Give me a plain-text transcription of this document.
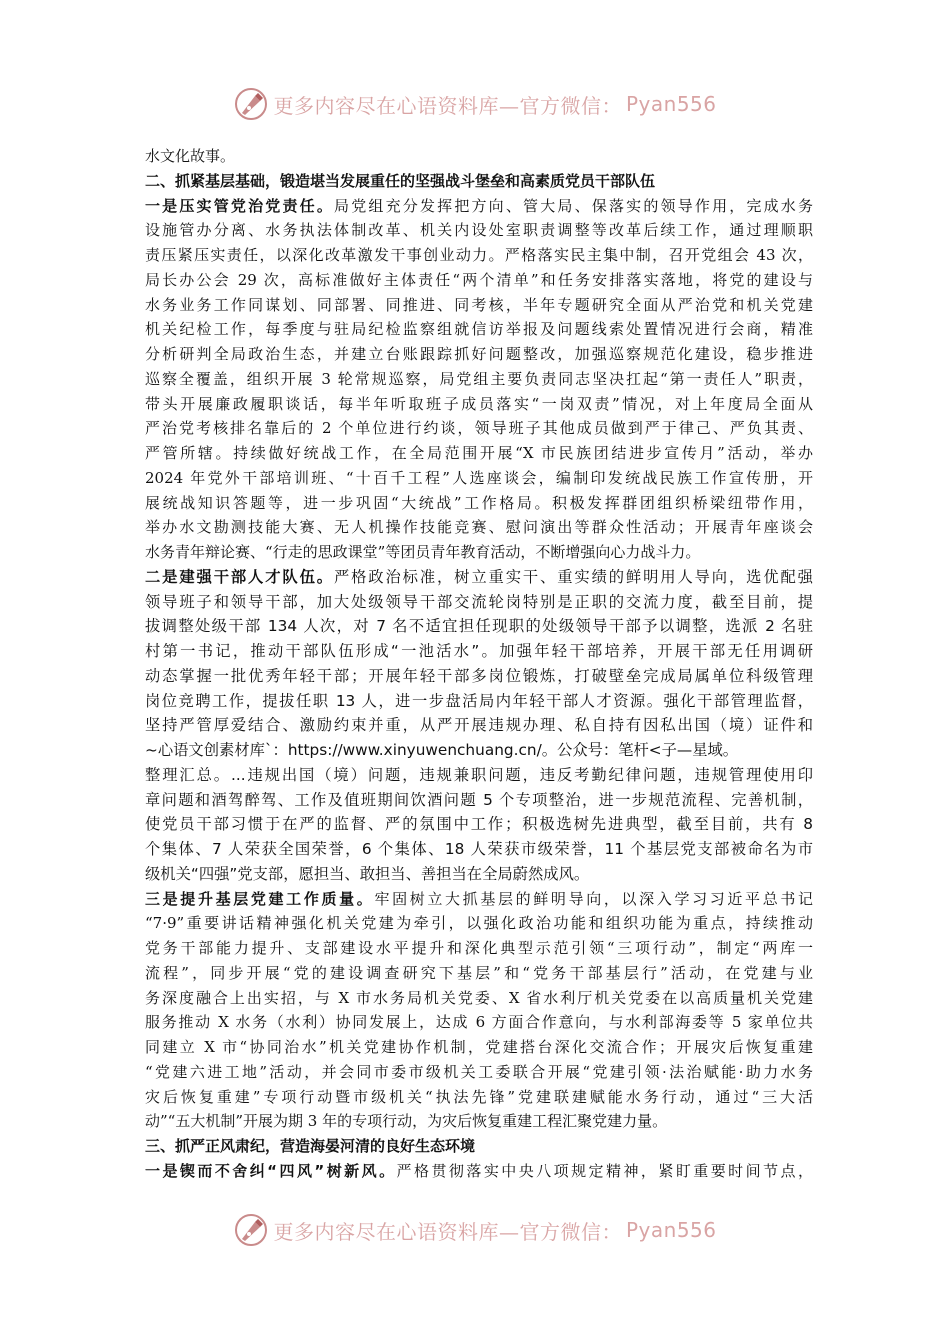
更多内容尽在心语资料库—官方微信： Pyan556
水文化故事。
二、抓紧基层基础，锻造堪当发展重任的坚强战斗堡垒和高素质党员干部队伍
一是压实管党治党责任。局党组充分发挥把方向、管大局、保落实的领导作用，完成水务
设施管办分离、水务执法体制改革、机关内设处室职责调整等改革后续工作，通过理顺职
责压紧压实责任，以深化改革激发干事创业动力。严格落实民主集中制，召开党组会 43 次，
局长办公会 29 次，高标准做好主体责任“两个清单”和任务安排落实落地，将党的建设与
水务业务工作同谋划、同部署、同推进、同考核，半年专题研究全面从严治党和机关党建
机关纪检工作，每季度与驻局纪检监察组就信访举报及问题线索处置情况进行会商，精准
分析研判全局政治生态，并建立台账跟踪抓好问题整改，加强巡察规范化建设，稳步推进
巡察全覆盖，组织开展 3 轮常规巡察，局党组主要负责同志坚决扛起“第一责任人”职责，
带头开展廉政履职谈话，每半年听取班子成员落实“一岗双责”情况，对上年度局全面从
严治党考核排名靠后的 2 个单位进行约谈，领导班子其他成员做到严于律己、严负其责、
严管所辖。持续做好统战工作，在全局范围开展“X 市民族团结进步宣传月”活动，举办
2024 年党外干部培训班、“十百千工程”人选座谈会，编制印发统战民族工作宣传册，开
展统战知识答题等，进一步巩固“大统战”工作格局。积极发挥群团组织桥梁纽带作用，
举办水文勘测技能大赛、无人机操作技能竞赛、慰问演出等群众性活动；开展青年座谈会
水务青年辩论赛、“行走的思政课堂”等团员青年教育活动，不断增强向心力战斗力。
二是建强干部人才队伍。严格政治标准，树立重实干、重实绩的鲜明用人导向，选优配强
领导班子和领导干部，加大处级领导干部交流轮岗特别是正职的交流力度，截至目前，提
拔调整处级干部 134 人次，对 7 名不适宜担任现职的处级领导干部予以调整，选派 2 名驻
村第一书记，推动干部队伍形成“一池活水”。加强年轻干部培养，开展干部无任用调研
动态掌握一批优秀年轻干部；开展年轻干部多岗位锻炼，打破壁垒完成局属单位科级管理
岗位竞聘工作，提拔任职 13 人，进一步盘活局内年轻干部人才资源。强化干部管理监督，
坚持严管厚爱结合、激励约束并重，从严开展违规办理、私自持有因私出国（境）证件和
~心语文创素材库`：https://www.xinyuwenchuang.cn/。公众号：笔杆<子—星域。
整理汇总。...违规出国（境）问题，违规兼职问题，违反考勤纪律问题，违规管理使用印
章问题和酒驾醉驾、工作及值班期间饮酒问题 5 个专项整治，进一步规范流程、完善机制，
使党员干部习惯于在严的监督、严的氛围中工作；积极选树先进典型，截至目前，共有 8
个集体、7 人荣获全国荣誉，6 个集体、18 人荣获市级荣誉，11 个基层党支部被命名为市
级机关“四强”党支部，愿担当、敢担当、善担当在全局蔚然成风。
三是提升基层党建工作质量。牢固树立大抓基层的鲜明导向，以深入学习习近平总书记
“7·9”重要讲话精神强化机关党建为牵引，以强化政治功能和组织功能为重点，持续推动
党务干部能力提升、支部建设水平提升和深化典型示范引领“三项行动”，制定“两库一
流程”，同步开展“党的建设调查研究下基层”和“党务干部基层行”活动，在党建与业
务深度融合上出实招，与 X 市水务局机关党委、X 省水利厅机关党委在以高质量机关党建
服务推动 X 水务（水利）协同发展上，达成 6 方面合作意向，与水利部海委等 5 家单位共
同建立 X 市“协同治水”机关党建协作机制，党建搭台深化交流合作；开展灾后恢复重建
“党建六进工地”活动，并会同市委市级机关工委联合开展“党建引领·法治赋能·助力水务
灾后恢复重建”专项行动暨市级机关“执法先锋”党建联建赋能水务行动，通过“三大活
动”“五大机制”开展为期 3 年的专项行动，为灾后恢复重建工程汇聚党建力量。
三、抓严正风肃纪，营造海晏河清的良好生态环境
一是锲而不舍纠“四风”树新风。严格贯彻落实中央八项规定精神，紧盯重要时间节点，
更多内容尽在心语资料库—官方微信： Pyan556
